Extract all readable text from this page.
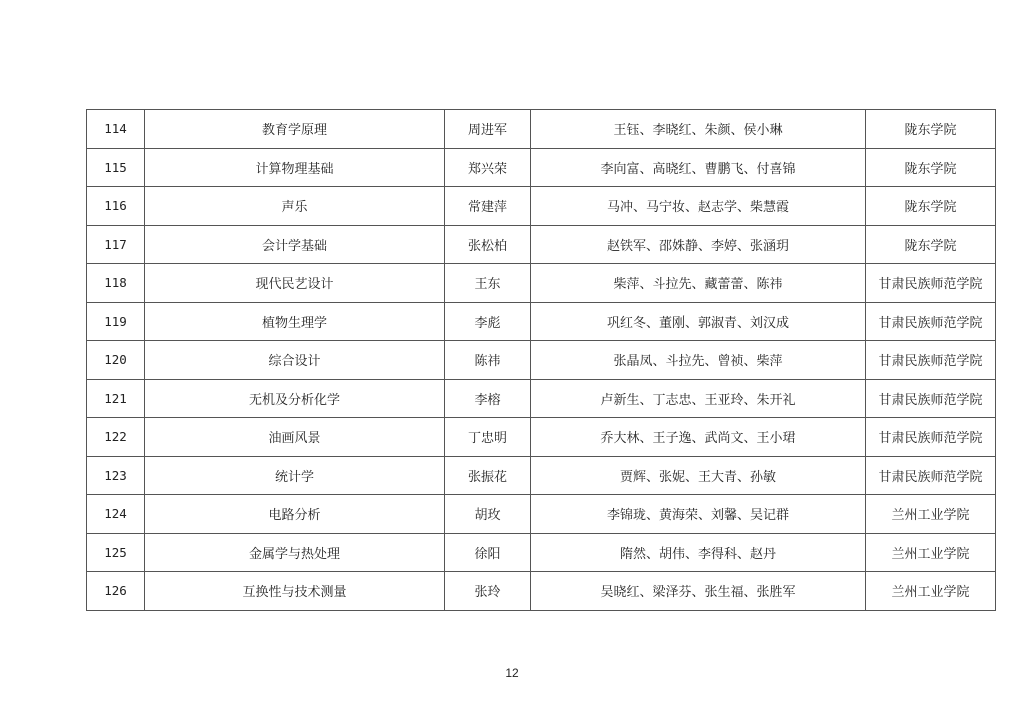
114	教育学原理	周进军	王钰、李晓红、朱颜、侯小琳	陇东学院
115	计算物理基础	郑兴荣	李向富、高晓红、曹鹏飞、付喜锦	陇东学院
116	声乐	常建萍	马冲、马宁妆、赵志学、柴慧霞	陇东学院
117	会计学基础	张松柏	赵铁军、邵姝静、李婷、张涵玥	陇东学院
118	现代民艺设计	王东	柴萍、斗拉先、藏蕾蕾、陈祎	甘肃民族师范学院
119	植物生理学	李彪	巩红冬、董刚、郭淑青、刘汉成	甘肃民族师范学院
120	综合设计	陈祎	张晶凤、斗拉先、曾祯、柴萍	甘肃民族师范学院
121	无机及分析化学	李榕	卢新生、丁志忠、王亚玲、朱开礼	甘肃民族师范学院
122	油画风景	丁忠明	乔大林、王子逸、武尚文、王小珺	甘肃民族师范学院
123	统计学	张振花	贾辉、张妮、王大青、孙敏	甘肃民族师范学院
124	电路分析	胡玫	李锦珑、黄海荣、刘馨、吴记群	兰州工业学院
125	金属学与热处理	徐阳	隋然、胡伟、李得科、赵丹	兰州工业学院
126	互换性与技术测量	张玲	吴晓红、梁泽芬、张生福、张胜军	兰州工业学院
12
